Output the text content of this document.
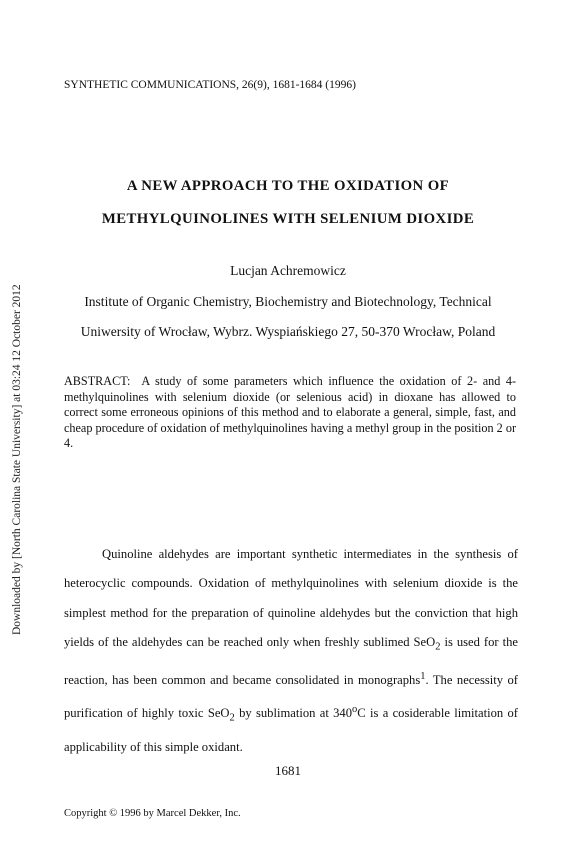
SYNTHETIC COMMUNICATIONS, 26(9), 1681-1684 (1996)
Downloaded by [North Carolina State University] at 03:24 12 October 2012
A NEW APPROACH TO THE OXIDATION OF
METHYLQUINOLINES WITH SELENIUM DIOXIDE
Lucjan Achremowicz
Institute of Organic Chemistry, Biochemistry and Biotechnology, Technical
Uniwersity of Wrocław, Wybrz. Wyspiańskiego 27, 50-370 Wrocław, Poland
ABSTRACT: A study of some parameters which influence the oxidation of 2- and 4-methylquinolines with selenium dioxide (or selenious acid) in dioxane has allowed to correct some erroneous opinions of this method and to elaborate a general, simple, fast, and cheap procedure of oxidation of methylquinolines having a methyl group in the position 2 or 4.
Quinoline aldehydes are important synthetic intermediates in the synthesis of heterocyclic compounds. Oxidation of methylquinolines with selenium dioxide is the simplest method for the preparation of quinoline aldehydes but the conviction that high yields of the aldehydes can be reached only when freshly sublimed SeO$_2$ is used for the reaction, has been common and became consolidated in monographs$^1$. The necessity of purification of highly toxic SeO$_2$ by sublimation at 340$^o$C is a cosiderable limitation of applicability of this simple oxidant.
1681
Copyright © 1996 by Marcel Dekker, Inc.
